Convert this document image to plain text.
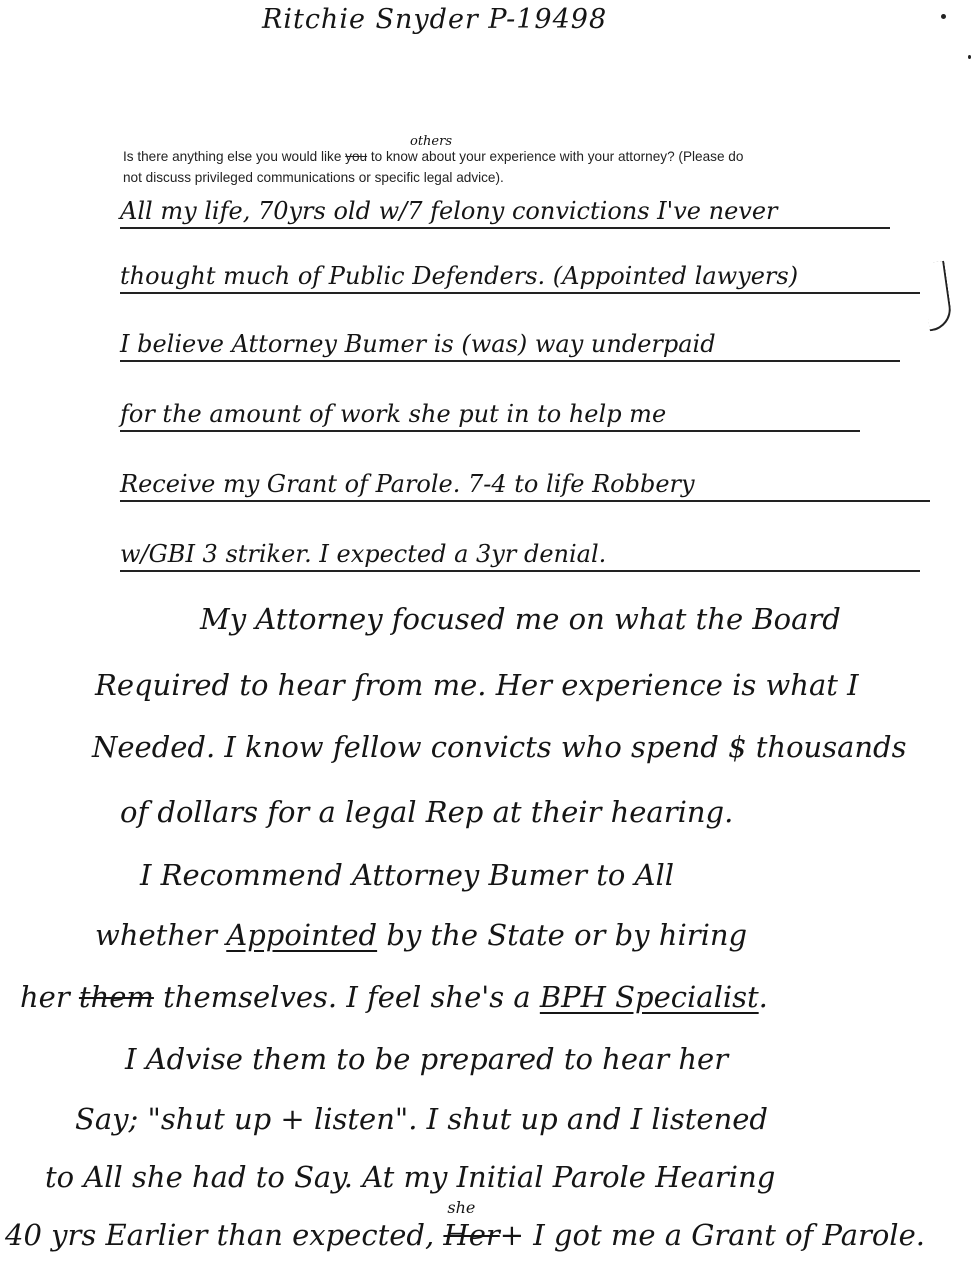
Ritchie Snyder P-19498
others
Is there anything else you would like you to know about your experience with your attorney? (Please do
not discuss privileged communications or specific legal advice).
All my life, 70yrs old w/7 felony convictions I've never
thought much of Public Defenders. (Appointed lawyers)
I believe Attorney Bumer is (was) way underpaid
for the amount of work she put in to help me
Receive my Grant of Parole. 7-4 to life Robbery
w/GBI 3 striker. I expected a 3yr denial.
My Attorney focused me on what the Board
Required to hear from me. Her experience is what I
Needed. I know fellow convicts who spend $ thousands
of dollars for a legal Rep at their hearing.
I Recommend Attorney Bumer to All
whether Appointed by the State or by hiring
her them themselves. I feel she's a BPH Specialist.
I Advise them to be prepared to hear her
Say; "shut up + listen". I shut up and I listened
to All she had to Say. At my Initial Parole Hearing
40 yrs Earlier than expected,
she
Her+ I got me a Grant of Parole.
